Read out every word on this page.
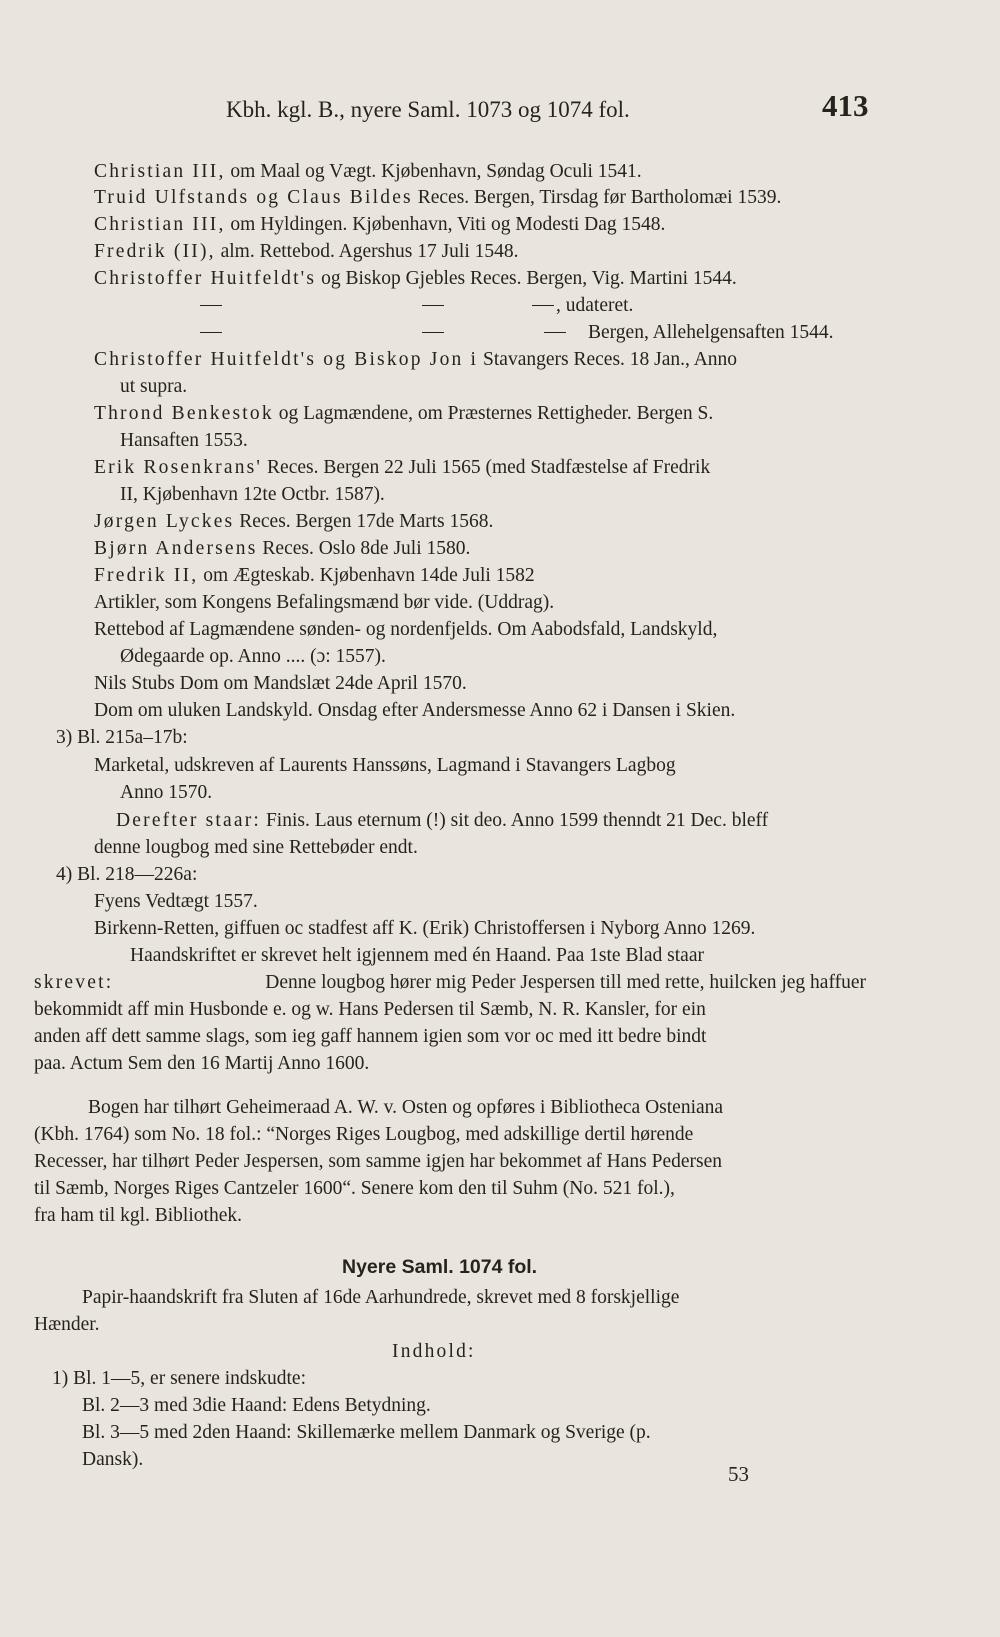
Kbh. kgl. B., nyere Saml. 1073 og 1074 fol.	413
Christian III, om Maal og Vægt. Kjøbenhavn, Søndag Oculi 1541.
Truid Ulfstands og Claus Bildes Reces. Bergen, Tirsdag før Bartholomæi 1539.
Christian III, om Hyldingen. Kjøbenhavn, Viti og Modesti Dag 1548.
Fredrik (II), alm. Rettebod. Agershus 17 Juli 1548.
Christoffer Huitfeldt's og Biskop Gjebles Reces. Bergen, Vig. Martini 1544.
, udateret.
Bergen, Allehelgensaften 1544.
Christoffer Huitfeldt's og Biskop Jon i Stavangers Reces. 18 Jan., Anno
ut supra.
Thrond Benkestok og Lagmændene, om Præsternes Rettigheder. Bergen S.
Hansaften 1553.
Erik Rosenkrans' Reces. Bergen 22 Juli 1565 (med Stadfæstelse af Fredrik
II, Kjøbenhavn 12te Octbr. 1587).
Jørgen Lyckes Reces. Bergen 17de Marts 1568.
Bjørn Andersens Reces. Oslo 8de Juli 1580.
Fredrik II, om Ægteskab. Kjøbenhavn 14de Juli 1582
Artikler, som Kongens Befalingsmænd bør vide. (Uddrag).
Rettebod af Lagmændene sønden- og nordenfjelds. Om Aabodsfald, Landskyld,
Ødegaarde op. Anno .... (ɔ: 1557).
Nils Stubs Dom om Mandslæt 24de April 1570.
Dom om uluken Landskyld. Onsdag efter Andersmesse Anno 62 i Dansen i Skien.
3) Bl. 215a–17b:
Marketal, udskreven af Laurents Hanssøns, Lagmand i Stavangers Lagbog
Anno 1570.
Derefter staar: Finis. Laus eternum (!) sit deo. Anno 1599 thenndt 21 Dec. bleff
denne lougbog med sine Rettebøder endt.
4) Bl. 218—226a:
Fyens Vedtægt 1557.
Birkenn-Retten, giffuen oc stadfest aff K. (Erik) Christoffersen i Nyborg Anno 1269.
Haandskriftet er skrevet helt igjennem med én Haand. Paa 1ste Blad staar
skrevet:	Denne lougbog hører mig Peder Jespersen till med rette, huilcken jeg haffuer
bekommidt aff min Husbonde e. og w. Hans Pedersen til Sæmb, N. R. Kansler, for ein
anden aff dett samme slags, som ieg gaff hannem igien som vor oc med itt bedre bindt
paa. Actum Sem den 16 Martij Anno 1600.
Bogen har tilhørt Geheimeraad A. W. v. Osten og opføres i Bibliotheca Osteniana
(Kbh. 1764) som No. 18 fol.: “Norges Riges Lougbog, med adskillige dertil hørende
Recesser, har tilhørt Peder Jespersen, som samme igjen har bekommet af Hans Pedersen
til Sæmb, Norges Riges Cantzeler 1600“. Senere kom den til Suhm (No. 521 fol.),
fra ham til kgl. Bibliothek.
Nyere Saml. 1074 fol.
Papir-haandskrift fra Sluten af 16de Aarhundrede, skrevet med 8 forskjellige
Hænder.
Indhold:
1) Bl. 1—5, er senere indskudte:
Bl. 2—3 med 3die Haand: Edens Betydning.
Bl. 3—5 med 2den Haand: Skillemærke mellem Danmark og Sverige (p.
Dansk).
53
